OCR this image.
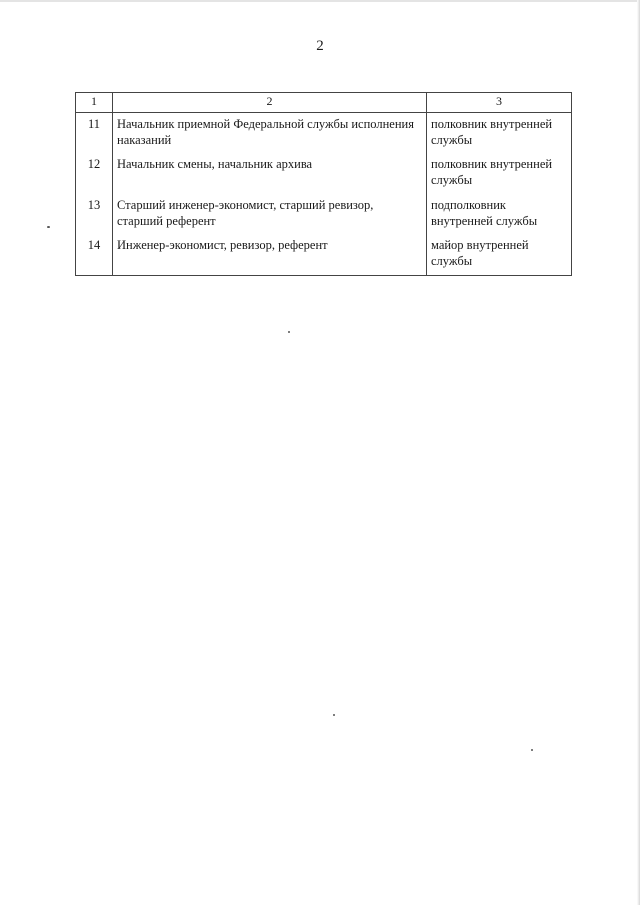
2
1	2	3
11	Начальник приемной Федеральной службы исполнения наказаний	полковник внутренней службы
12	Начальник смены, начальник архива	полковник внутренней службы
13	Старший инженер-экономист, старший ревизор, старший референт	подполковник внутренней службы
14	Инженер-экономист, ревизор, референт	майор внутренней службы
